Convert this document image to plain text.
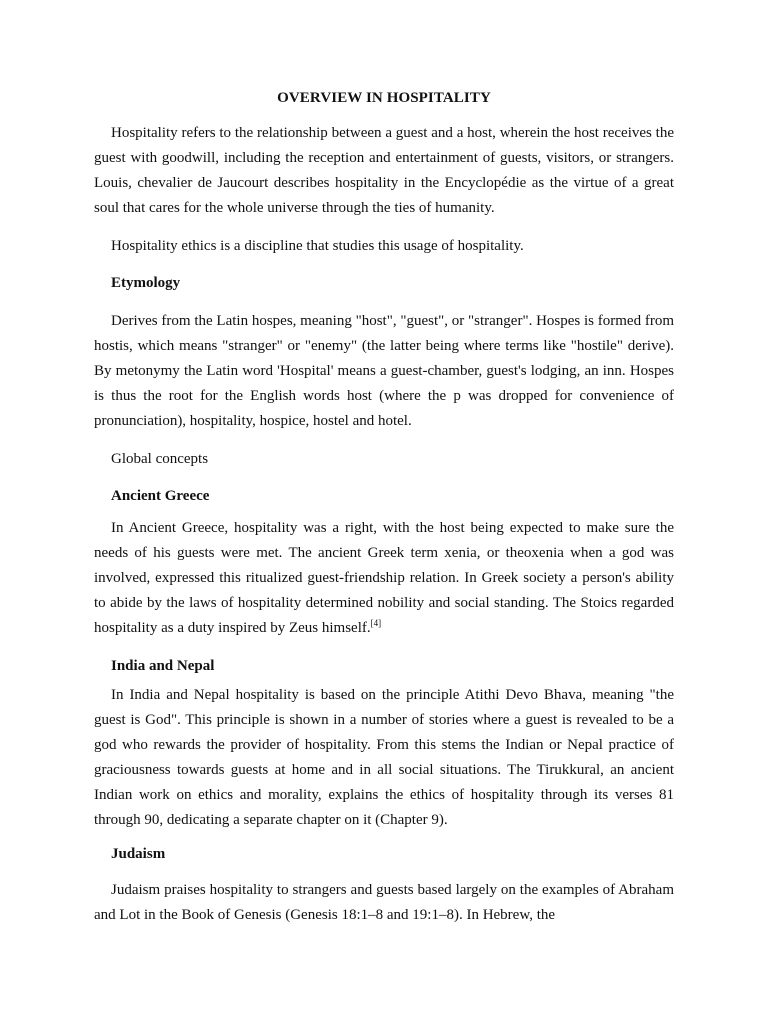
OVERVIEW IN HOSPITALITY

Hospitality refers to the relationship between a guest and a host, wherein the host receives the guest with goodwill, including the reception and entertainment of guests, visitors, or strangers. Louis, chevalier de Jaucourt describes hospitality in the Encyclopédie as the virtue of a great soul that cares for the whole universe through the ties of humanity.

Hospitality ethics is a discipline that studies this usage of hospitality.

Etymology

Derives from the Latin hospes, meaning "host", "guest", or "stranger". Hospes is formed from hostis, which means "stranger" or "enemy" (the latter being where terms like "hostile" derive). By metonymy the Latin word 'Hospital' means a guest-chamber, guest's lodging, an inn. Hospes is thus the root for the English words host (where the p was dropped for convenience of pronunciation), hospitality, hospice, hostel and hotel.

Global concepts

Ancient Greece

In Ancient Greece, hospitality was a right, with the host being expected to make sure the needs of his guests were met. The ancient Greek term xenia, or theoxenia when a god was involved, expressed this ritualized guest-friendship relation. In Greek society a person's ability to abide by the laws of hospitality determined nobility and social standing. The Stoics regarded hospitality as a duty inspired by Zeus himself.[4]

India and Nepal

In India and Nepal hospitality is based on the principle Atithi Devo Bhava, meaning "the guest is God". This principle is shown in a number of stories where a guest is revealed to be a god who rewards the provider of hospitality. From this stems the Indian or Nepal practice of graciousness towards guests at home and in all social situations. The Tirukkural, an ancient Indian work on ethics and morality, explains the ethics of hospitality through its verses 81 through 90, dedicating a separate chapter on it (Chapter 9).

Judaism

Judaism praises hospitality to strangers and guests based largely on the examples of Abraham and Lot in the Book of Genesis (Genesis 18:1–8 and 19:1–8). In Hebrew, the
